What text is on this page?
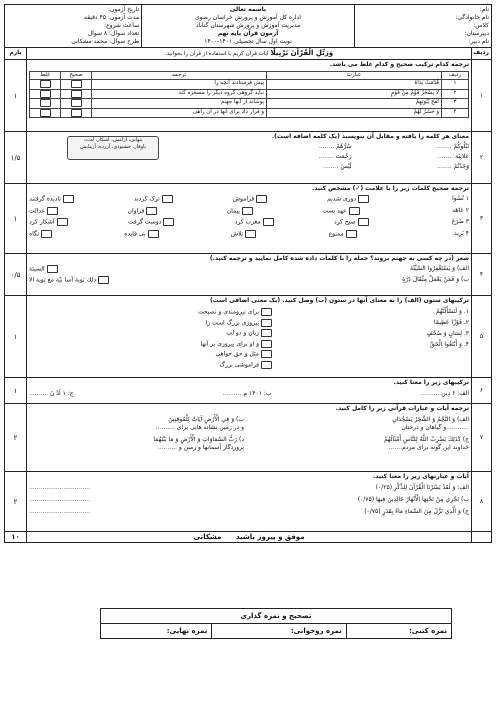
نام:
نام خانوادگی:
کلاس:
دبیرستان:
نام دبیر:

باسمه تعالی
اداره کل آموزش و پرورش خراسان رضوی
مدیریت آموزش و پرورش شهرستان گناباد
آزمون قرآن پایه نهم
نوبت اول سال تحصیلی ۱۴۰۱-۱۴۰۰

تاریخ آزمون:
مدت آزمون: ۴۵ دقیقه
ساعت شروع:
تعداد سوال: ۸ سوال
طرح سوال: محمد مشکانی

ردیف	وَرَتِّلِ الْقُرْآنَ تَرْتِيلًا آیات قرآن کریم با استفاده از قرآن را بخوانید.	بارم
۱	
ترجمه کدام ترکیب صحیح و کدام غلط می باشد.
ردیف	عبارت	ترجمه	صحیح	غلط
۱	قُدِّمَتْ يَدَاهُ	پیش فرستادند آنچه را		
۲	لا يَسْخَرْ قَوْمٌ مِنْ قَوْمٍ	نباید گروهی گروه دیگر را مسخره کند		
۳	تُفْحِ بُيُوتِهِمْ	پوشاند از آنها جهنم		
۴	وَ حَشَرُ لَهُمْ	و قرار داد برای آنها در آن راهی		
	۱
۲	
معنای هر کلمه را یافته و مقابل آن بنویسید (یک کلمه اضافه است).
نَبْلُوكُمْ ........
سُرُّهُمْ ........
عَلانِيَة ........
رَحْمَت ........
وَجَدْتُمْ ........
لَيْسَ ........
پنهانی، آرامش، آشکار، لذت،
باوقار، خشنودی، آزرده، آزمایش
	۱/۵
۳	
ترجمه صحیح کلمات زیر را با علامت (✓) مشخص کنید.
۱ نُسُوا
دوری شدیم
فراموش
ترک کردند
نادیده گرفتند
۲ عَاهَد
عهد بست
پیمان
فراوان
عدالت
۳ ضَرَعَ
صبح کرد
مغرب کرد
دوست گرفت
آشکار کرد
۴ يَرِيد
ممنوع
تلاش
بی فایده
نگاه
	۱
۴	
شعر (در چه کسی به جهنم بروند؟ جمله را با کلمات داده شده کامل نمایید و ترجمه کنید.)
الف) وَ يَسْتَغْفِرُوا السَّيِّئَةَ
السيئة
ب) وَ فَمَنْ يَعْمَلْ مِثْقَالَ ذَرَّةٍ
ذلك توبة آسا نيّة مع توبة الا
	۰/۵
۵	
ترکیبهای ستون (الف) را به معنای آنها در ستون (ب) وصل کنید. (یک معنی اضافی است)
۱. وَ لَنَسْأَلَنَّهُمْ
۲. فَوْزًا عَظِيمًا
۳. لِسَانٍ وَ صُحُفٍ
۴. وَ أَبْتَغُوا الْحَقَّ
برای نیرومندی و نصیحت
پیروزی بزرگ است را
زبان و دو لب
و او برای پیروزی بر آنها
مثل و حق خواهی
فراموشی بزرگ
	۱
۶	
ترکیبهای زیر را معنا کنید.
الف: ۶ دِين ..........
ب: ۱۴۰۱ م ..........
ج: ۱ اَدْ نَ ..........
	۱
۷	
ترجمه آیات و عبارات قرآنی زیر را کامل کنید.
الف) وَ النَّجْمُ وَ الشَّجَرُ يَسْجُدَانِ
............و گیاهان و درختان
ب) وَ فِي الْأَرْضِ آيَاتٌ لِلْمُوقِنِينَ
و در زمین نشانه هایی برای ..........
ج) كَذَلِكَ يَضْرِبُ اللَّهُ لِلنَّاسِ أَمْثَالَهُمْ
خداوند این گونه برای مردم.......
د) رَبُّ السَّمَاوَاتِ وَ الْأَرْضِ وَ مَا بَيْنَهُمَا
پروردگار آسمانها و زمین و ..........
	۲
۸	
آیات و عبارتهای زیر را معنا کنید.
الف: وَ لَقَدْ يَسَّرْنَا الْقُرْآنَ لِلذِّكْرِ (۰/۲۵)
................................
ب) تَجْرِي مِنْ تَحْتِهَا الْأَنْهَارُ خَالِدِينَ فِيهَا (۰/۷۵)
................................
ج) وَ الَّذِي نَزَّلَ مِنَ السَّمَاءِ مَاءً بِقَدَرٍ (۰/۷۵)
................................
	۲
	موفق و پیروز باشید      مشکانی	۱۰
تصحیح و نمره گذاری
نمره کتبی:	نمره روخوانی:	نمره نهایی:
